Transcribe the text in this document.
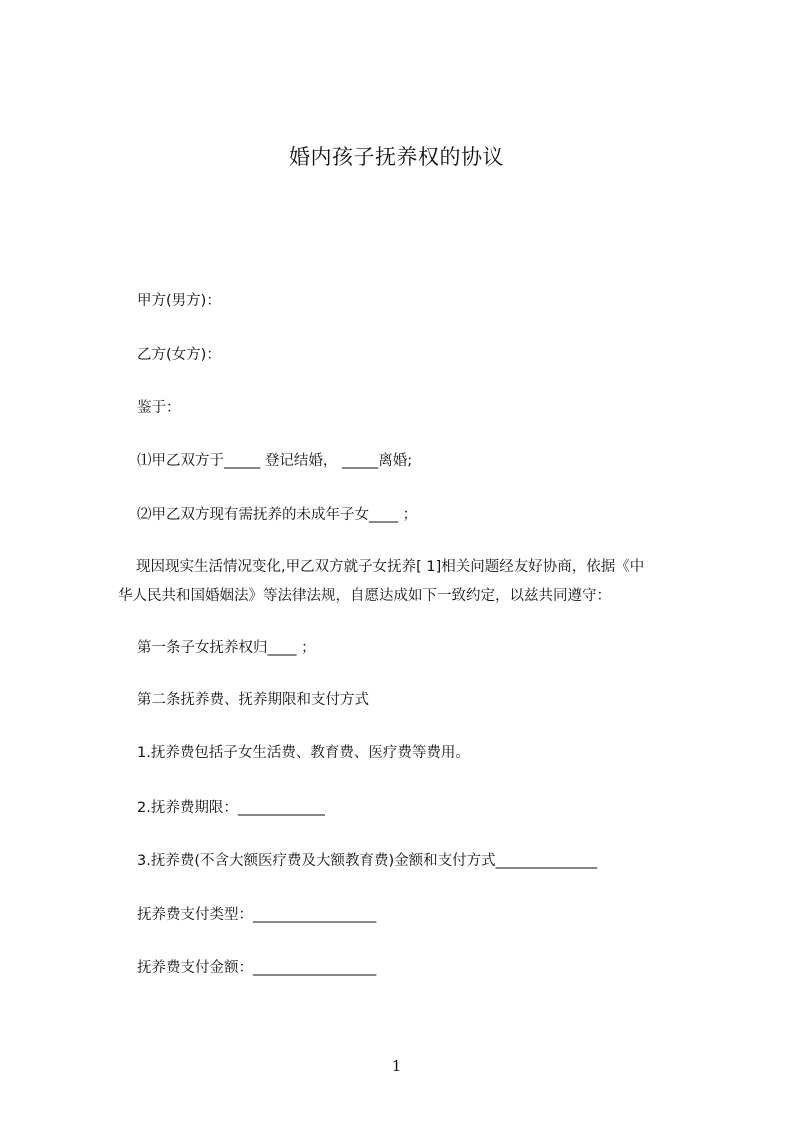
婚内孩子抚养权的协议
甲方(男方)：
乙方(女方)：
鉴于：
⑴甲乙双方于_____ 登记结婚， _____离婚;
⑵甲乙双方现有需抚养的未成年子女____ ；
现因现实生活情况变化,甲乙双方就子女抚养[ 1]相关问题经友好协商，依据《中
华人民共和国婚姻法》等法律法规，自愿达成如下一致约定，以兹共同遵守：
第一条子女抚养权归____ ；
第二条抚养费、抚养期限和支付方式
1.抚养费包括子女生活费、教育费、医疗费等费用。
2.抚养费期限：____________
3.抚养费(不含大额医疗费及大额教育费)金额和支付方式______________
抚养费支付类型：_________________
抚养费支付金额：_________________
1
